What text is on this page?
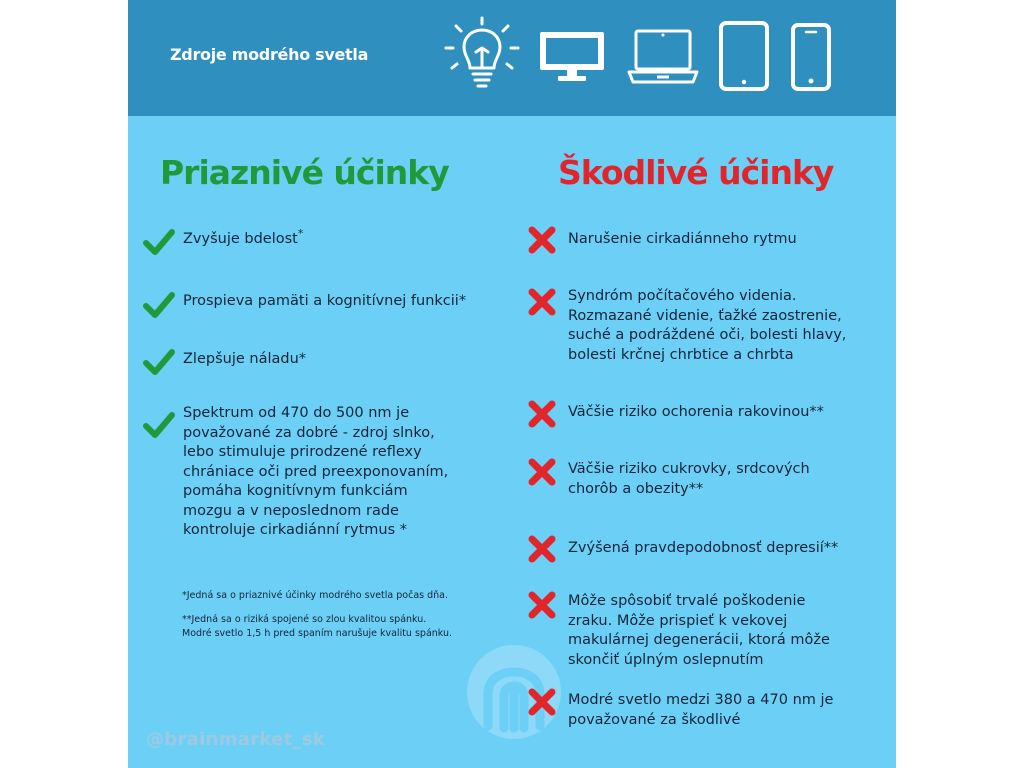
Zdroje modrého svetla
Priaznivé účinky	Škodlivé účinky
Zvyšuje bdelost*
Prospieva pamäti a kognitívnej funkcii*
Zlepšuje náladu*
Spektrum od 470 do 500 nm je
považované za dobré - zdroj slnko,
lebo stimuluje prirodzené reflexy
chrániace oči pred preexponovaním,
pomáha kognitívnym funkciám
mozgu a v neposlednom rade
kontroluje cirkadiánní rytmus *
*Jedná sa o priaznivé účinky modrého svetla počas dňa.
**Jedná sa o riziká spojené so zlou kvalitou spánku.
Modré svetlo 1,5 h pred spaním narušuje kvalitu spánku.
Narušenie cirkadiánneho rytmu
Syndróm počítačového videnia.
Rozmazané videnie, ťažké zaostrenie,
suché a podráždené oči, bolesti hlavy,
bolesti krčnej chrbtice a chrbta
Väčšie riziko ochorenia rakovinou**
Väčšie riziko cukrovky, srdcových
chorôb a obezity**
Zvýšená pravdepodobnosť depresií**
Môže spôsobiť trvalé poškodenie
zraku. Môže prispieť k vekovej
makulárnej degenerácii, ktorá môže
skončiť úplným oslepnutím
Modré svetlo medzi 380 a 470 nm je
považované za škodlivé
@brainmarket_sk
